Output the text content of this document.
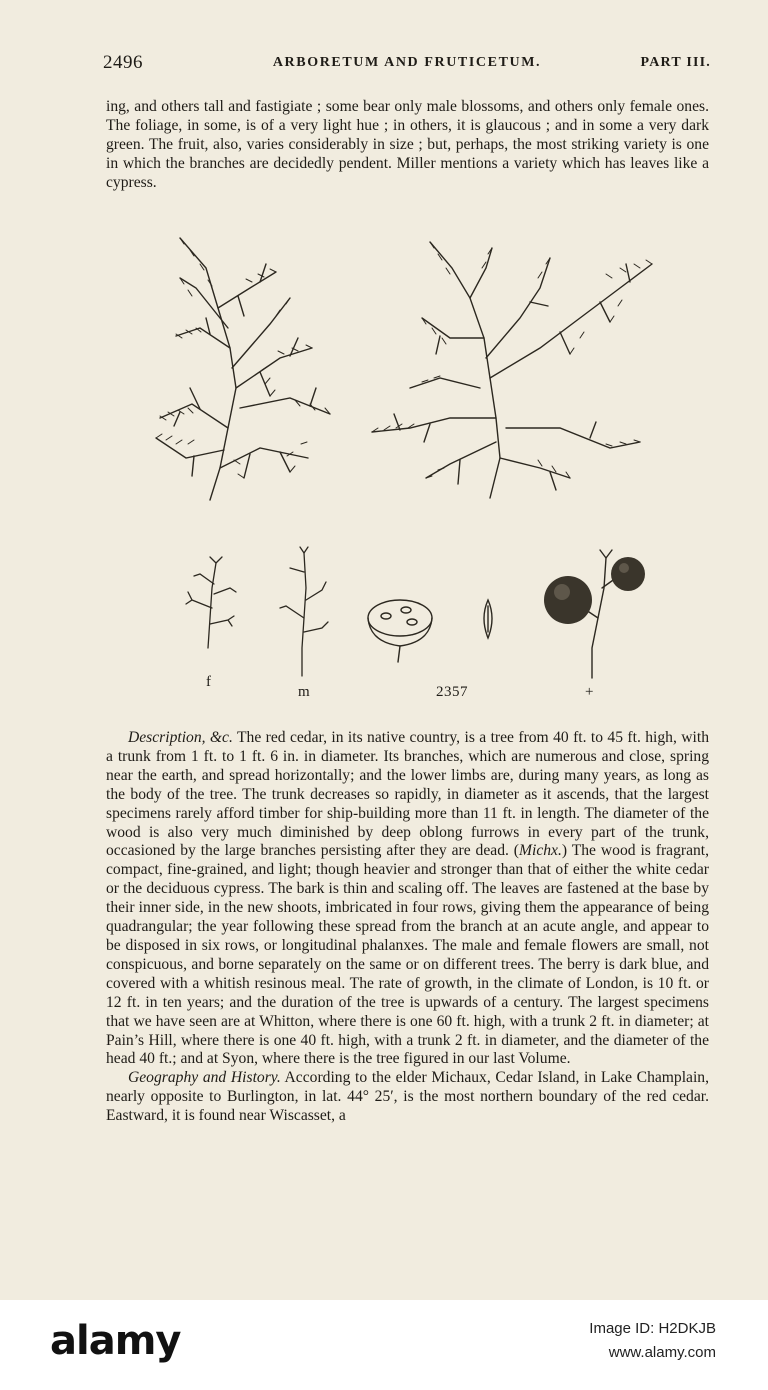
2496	ARBORETUM AND FRUTICETUM.	PART III.

ing, and others tall and fastigiate ; some bear only male blossoms, and others only female ones. The foliage, in some, is of a very light hue ; in others, it is glaucous ; and in some a very dark green. The fruit, also, varies considerably in size ; but, perhaps, the most striking variety is one in which the branches are decidedly pendent. Miller mentions a variety which has leaves like a cypress.

f
m	2357	+

Description, &c. The red cedar, in its native country, is a tree from 40 ft. to 45 ft. high, with a trunk from 1 ft. to 1 ft. 6 in. in diameter. Its branches, which are numerous and close, spring near the earth, and spread horizontally; and the lower limbs are, during many years, as long as the body of the tree. The trunk decreases so rapidly, in diameter as it ascends, that the largest specimens rarely afford timber for ship-building more than 11 ft. in length. The diameter of the wood is also very much diminished by deep oblong furrows in every part of the trunk, occasioned by the large branches persisting after they are dead. (Michx.) The wood is fragrant, compact, fine-grained, and light; though heavier and stronger than that of either the white cedar or the deciduous cypress. The bark is thin and scaling off. The leaves are fastened at the base by their inner side, in the new shoots, imbricated in four rows, giving them the appearance of being quadrangular; the year following these spread from the branch at an acute angle, and appear to be disposed in six rows, or longitudinal phalanxes. The male and female flowers are small, not conspicuous, and borne separately on the same or on different trees. The berry is dark blue, and covered with a whitish resinous meal. The rate of growth, in the climate of London, is 10 ft. or 12 ft. in ten years; and the duration of the tree is upwards of a century. The largest specimens that we have seen are at Whitton, where there is one 60 ft. high, with a trunk 2 ft. in diameter; at Pain’s Hill, where there is one 40 ft. high, with a trunk 2 ft. in diameter, and the diameter of the head 40 ft.; and at Syon, where there is the tree figured in our last Volume.

Geography and History. According to the elder Michaux, Cedar Island, in Lake Champlain, nearly opposite to Burlington, in lat. 44° 25′, is the most northern boundary of the red cedar. Eastward, it is found near Wiscasset, a

alamy	Image ID: H2DKJB
www.alamy.com
